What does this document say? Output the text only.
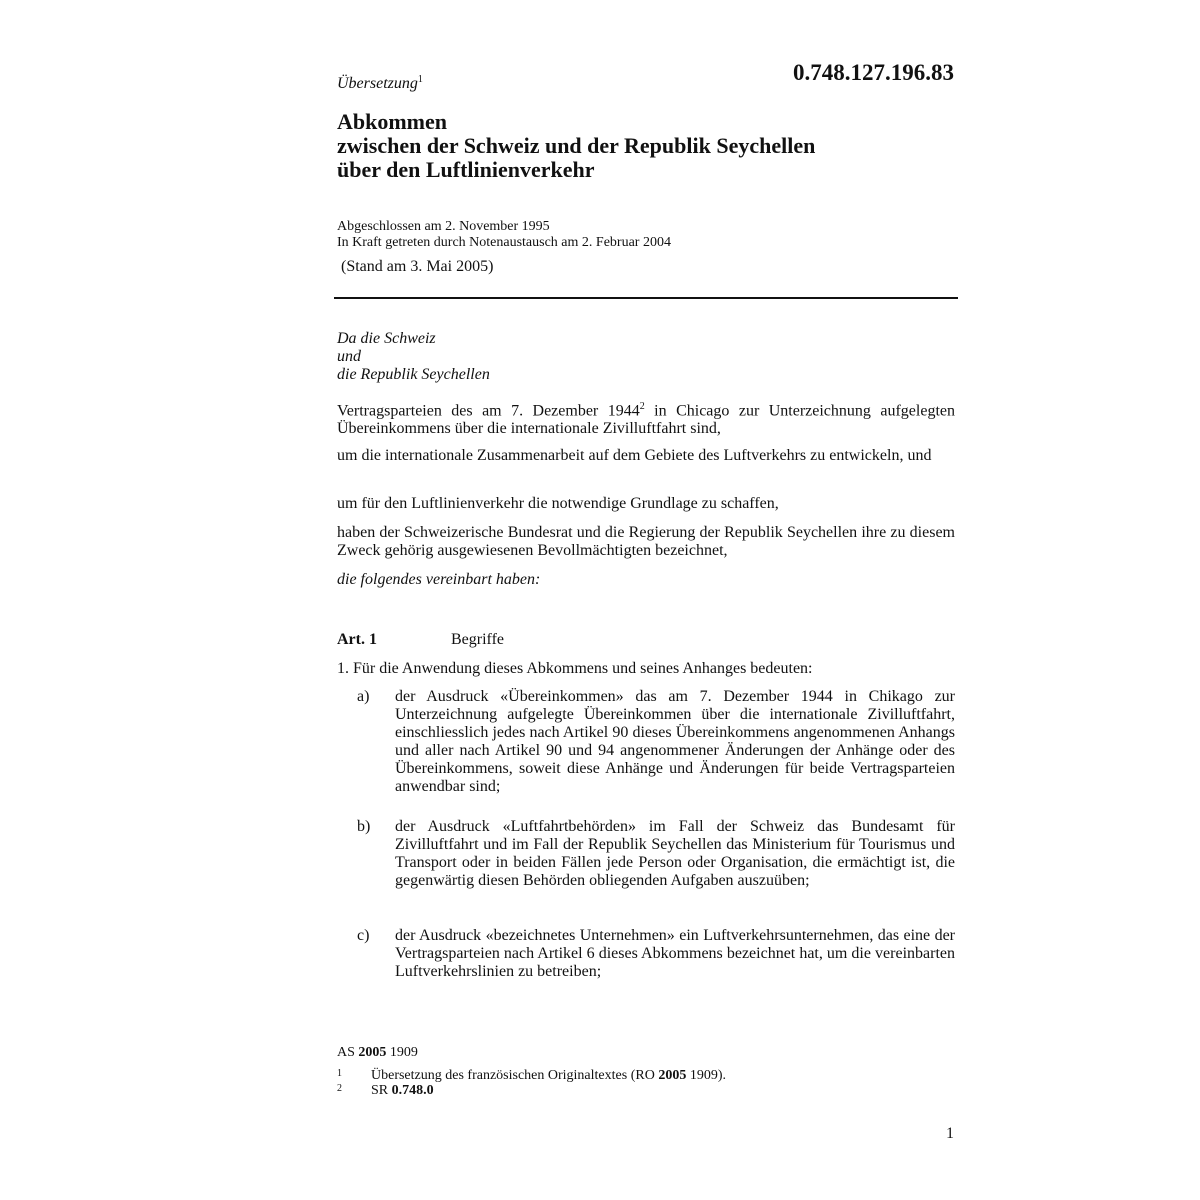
Übersetzung$^1$	0.748.127.196.83
Abkommen
zwischen der Schweiz und der Republik Seychellen
über den Luftlinienverkehr
Abgeschlossen am 2. November 1995
In Kraft getreten durch Notenaustausch am 2. Februar 2004
(Stand am 3. Mai 2005)
Da die Schweiz
und
die Republik Seychellen
Vertragsparteien des am 7. Dezember 1944$^2$ in Chicago zur Unterzeichnung aufgelegten Übereinkommens über die internationale Zivilluftfahrt sind,
um die internationale Zusammenarbeit auf dem Gebiete des Luftverkehrs zu entwickeln, und
um für den Luftlinienverkehr die notwendige Grundlage zu schaffen,
haben der Schweizerische Bundesrat und die Regierung der Republik Seychellen ihre zu diesem Zweck gehörig ausgewiesenen Bevollmächtigten bezeichnet,
die folgendes vereinbart haben:
Art. 1	Begriffe
1. Für die Anwendung dieses Abkommens und seines Anhanges bedeuten:
a) der Ausdruck «Übereinkommen» das am 7. Dezember 1944 in Chikago zur Unterzeichnung aufgelegte Übereinkommen über die internationale Zivilluftfahrt, einschliesslich jedes nach Artikel 90 dieses Übereinkommens angenommenen Anhangs und aller nach Artikel 90 und 94 angenommener Änderungen der Anhänge oder des Übereinkommens, soweit diese Anhänge und Änderungen für beide Vertragsparteien anwendbar sind;
b) der Ausdruck «Luftfahrtbehörden» im Fall der Schweiz das Bundesamt für Zivilluftfahrt und im Fall der Republik Seychellen das Ministerium für Tourismus und Transport oder in beiden Fällen jede Person oder Organisation, die ermächtigt ist, die gegenwärtig diesen Behörden obliegenden Aufgaben auszuüben;
c) der Ausdruck «bezeichnetes Unternehmen» ein Luftverkehrsunternehmen, das eine der Vertragsparteien nach Artikel 6 dieses Abkommens bezeichnet hat, um die vereinbarten Luftverkehrslinien zu betreiben;
AS 2005 1909
1 Übersetzung des französischen Originaltextes (RO 2005 1909).
2 SR 0.748.0
1
